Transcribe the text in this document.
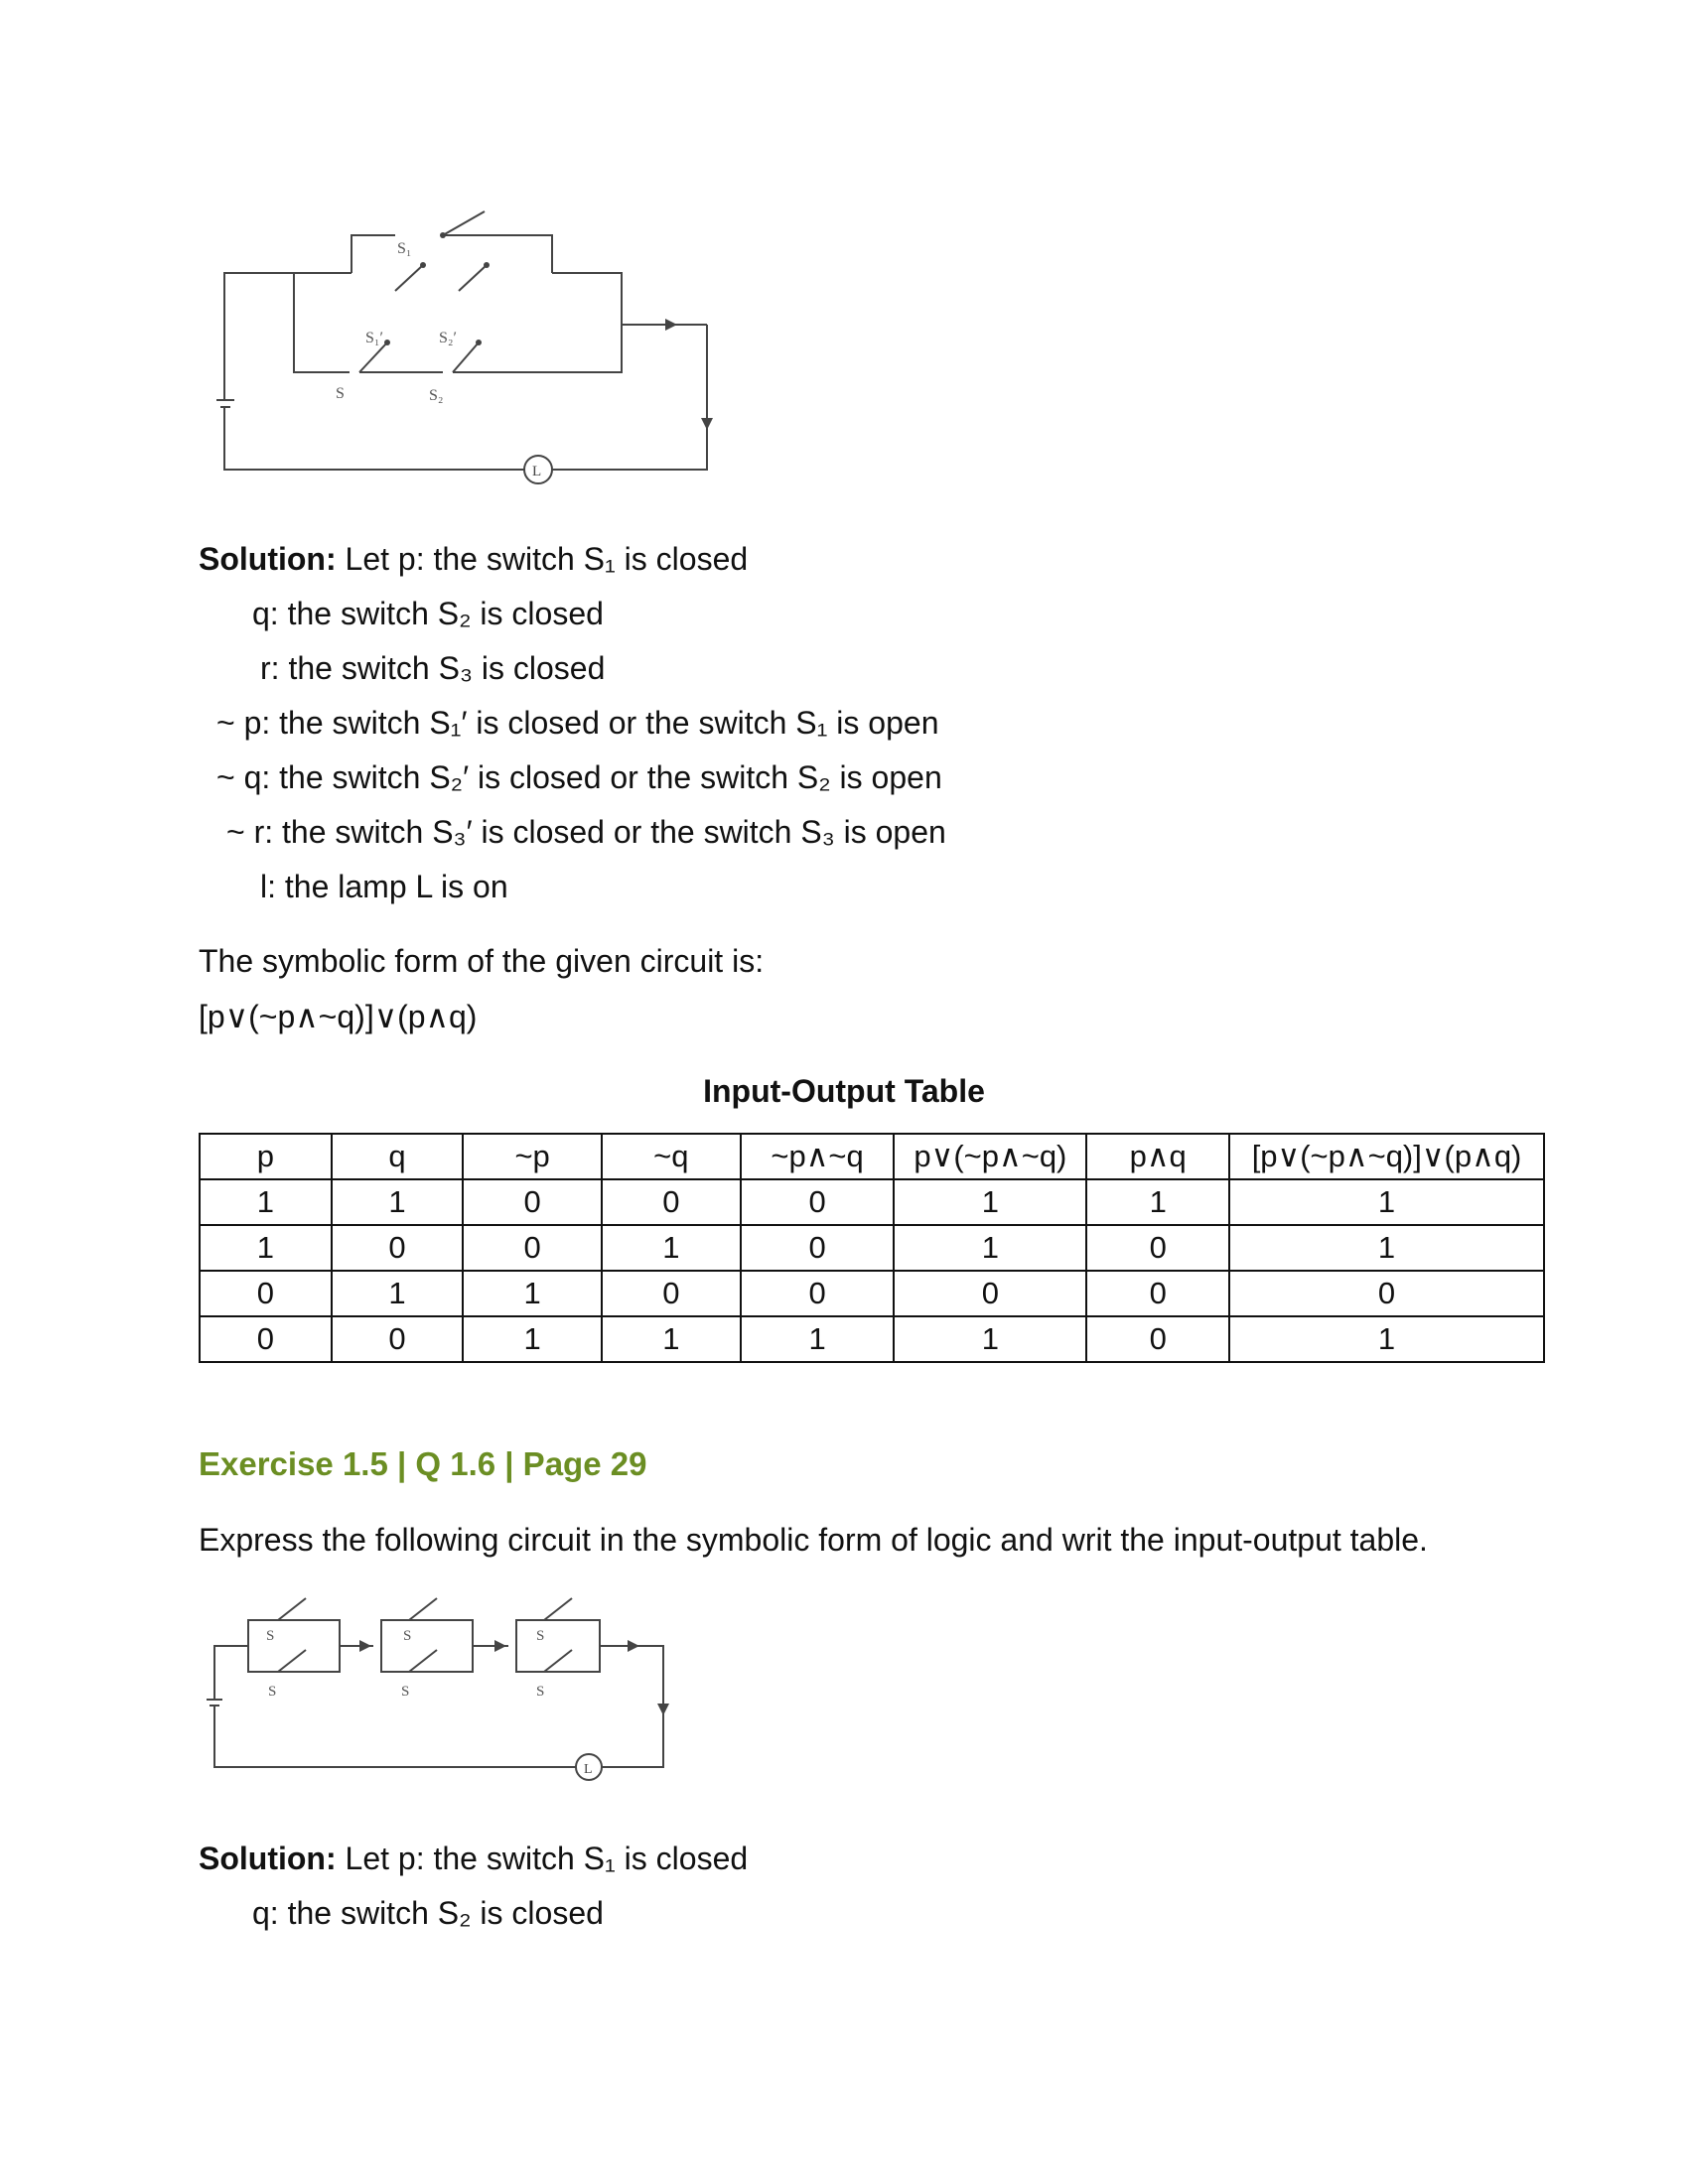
L
S₁
S₁′	S₂′
S	S₂
Solution: Let p: the switch S₁ is closed
q: the switch S₂ is closed
r: the switch S₃ is closed
~ p: the switch S₁′ is closed or the switch S₁ is open
~ q: the switch S₂′ is closed or the switch S₂ is open
~ r: the switch S₃′ is closed or the switch S₃ is open
l: the lamp L is on
The symbolic form of the given circuit is:
[p∨(~p∧~q)]∨(p∧q)
Input-Output Table
p	q	~p	~q	~p∧~q	p∨(~p∧~q)	p∧q	[p∨(~p∧~q)]∨(p∧q)
1	1	0	0	0	1	1	1
1	0	0	1	0	1	0	1
0	1	1	0	0	0	0	0
0	0	1	1	1	1	0	1
Exercise 1.5 | Q 1.6 | Page 29
Express the following circuit in the symbolic form of logic and writ the input-output table.
L
S
S
S
S
S
S
Solution: Let p: the switch S₁ is closed
q: the switch S₂ is closed
